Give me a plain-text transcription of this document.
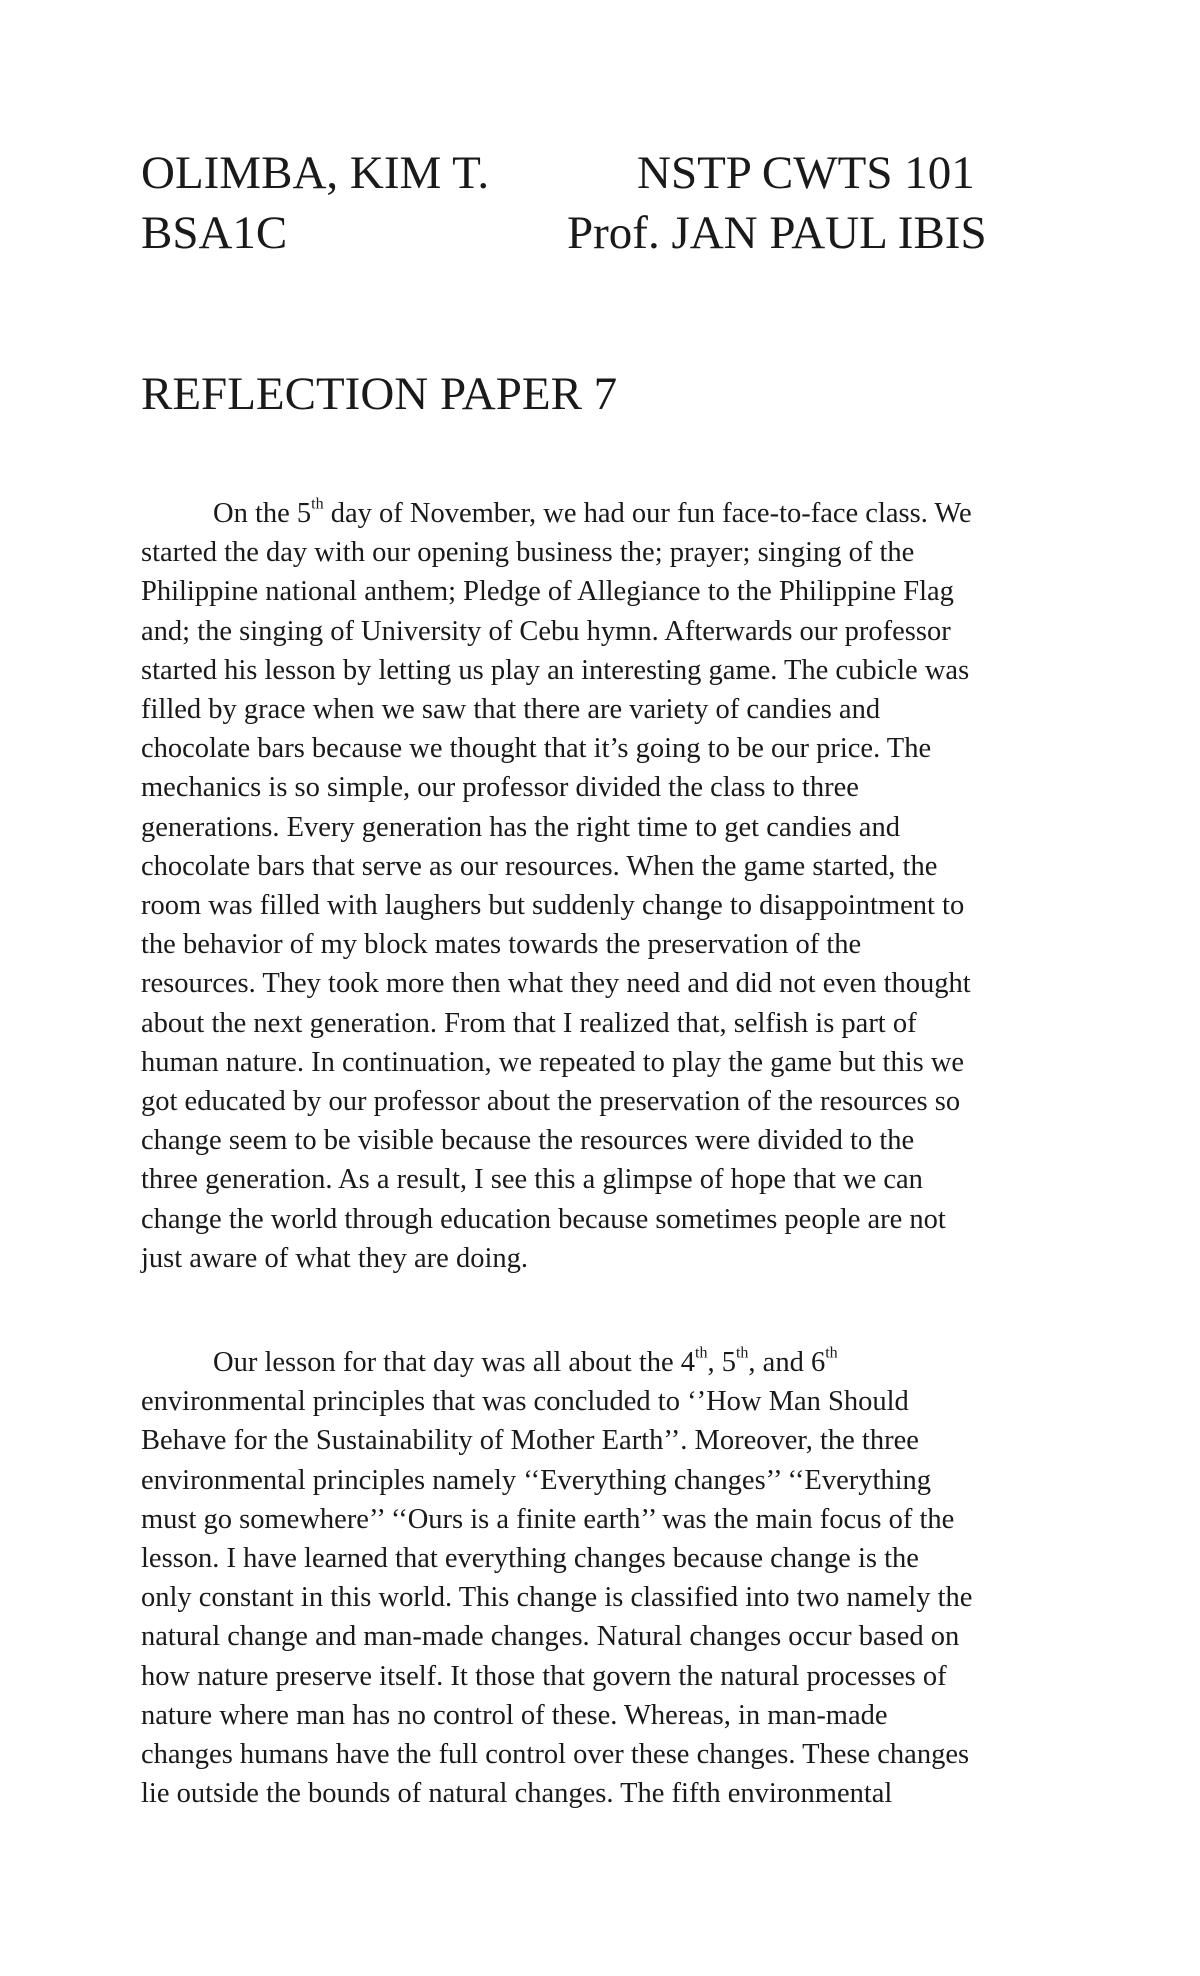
OLIMBA, KIM T.	NSTP CWTS 101
BSA1C	Prof. JAN PAUL IBIS
REFLECTION PAPER 7
On the 5th day of November, we had our fun face-to-face class. We
started the day with our opening business the; prayer; singing of the
Philippine national anthem; Pledge of Allegiance to the Philippine Flag
and; the singing of University of Cebu hymn. Afterwards our professor
started his lesson by letting us play an interesting game. The cubicle was
filled by grace when we saw that there are variety of candies and
chocolate bars because we thought that it’s going to be our price. The
mechanics is so simple, our professor divided the class to three
generations. Every generation has the right time to get candies and
chocolate bars that serve as our resources. When the game started, the
room was filled with laughers but suddenly change to disappointment to
the behavior of my block mates towards the preservation of the
resources. They took more then what they need and did not even thought
about the next generation. From that I realized that, selfish is part of
human nature. In continuation, we repeated to play the game but this we
got educated by our professor about the preservation of the resources so
change seem to be visible because the resources were divided to the
three generation. As a result, I see this a glimpse of hope that we can
change the world through education because sometimes people are not
just aware of what they are doing.
Our lesson for that day was all about the 4th, 5th, and 6th
environmental principles that was concluded to ‘’How Man Should
Behave for the Sustainability of Mother Earth’’. Moreover, the three
environmental principles namely ‘‘Everything changes’’ ‘‘Everything
must go somewhere’’ ‘‘Ours is a finite earth’’ was the main focus of the
lesson. I have learned that everything changes because change is the
only constant in this world. This change is classified into two namely the
natural change and man-made changes. Natural changes occur based on
how nature preserve itself. It those that govern the natural processes of
nature where man has no control of these. Whereas, in man-made
changes humans have the full control over these changes. These changes
lie outside the bounds of natural changes. The fifth environmental
